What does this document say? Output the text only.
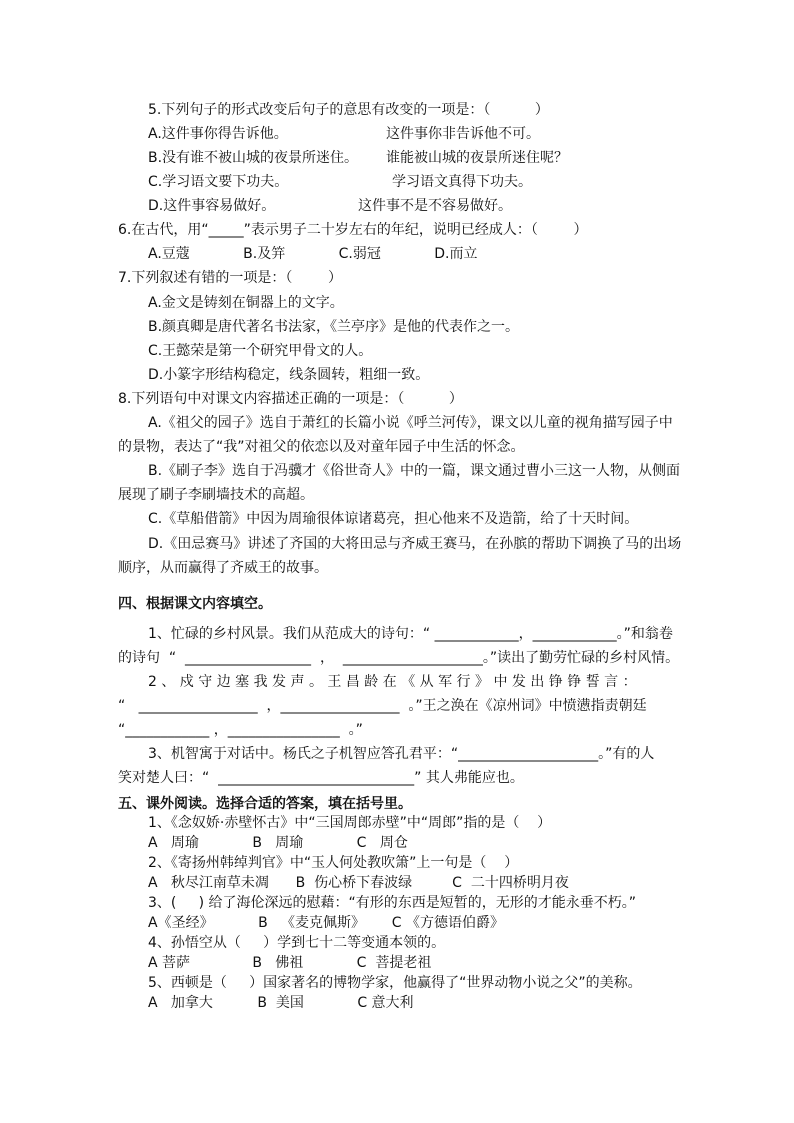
5.下列句子的形式改变后句子的意思有改变的一项是：（          ）
A.这件事你得告诉他。	这件事你非告诉他不可。
B.没有谁不被山城的夜景所迷住。 谁能被山城的夜景所迷住呢？
C.学习语文要下功夫。	学习语文真得下功夫。
D.这件事容易做好。	这件事不是不容易做好。
6.在古代，用“_____”表示男子二十岁左右的年纪，说明已经成人：（        ）
A.豆蔻            B.及笄            C.弱冠            D.而立
7.下列叙述有错的一项是：（        ）
A.金文是铸刻在铜器上的文字。
B.颜真卿是唐代著名书法家，《兰亭序》是他的代表作之一。
C.王懿荣是第一个研究甲骨文的人。
D.小篆字形结构稳定，线条圆转，粗细一致。
8.下列语句中对课文内容描述正确的一项是：（          ）
A.《祖父的园子》选自于萧红的长篇小说《呼兰河传》，课文以儿童的视角描写园子中
的景物，表达了“我”对祖父的依恋以及对童年园子中生活的怀念。
B.《刷子李》选自于冯骥才《俗世奇人》中的一篇，课文通过曹小三这一人物，从侧面
展现了刷子李刷墙技术的高超。
C.《草船借箭》中因为周瑜很体谅诸葛亮，担心他来不及造箭，给了十天时间。
D.《田忌赛马》讲述了齐国的大将田忌与齐威王赛马，在孙膑的帮助下调换了马的出场
顺序，从而赢得了齐威王的故事。
四、根据课文内容填空。
1、忙碌的乡村风景。我们从范成大的诗句：“ ____________，____________。”和翁卷
的诗句  “  __________________  ，  ____________________。”读出了勤劳忙碌的乡村风情。
2 、 戍 守 边 塞 我 发 声 。 王 昌 龄 在 《 从 军 行 》 中 发 出 铮 铮 誓 言 ：
“   _________________  ，_________________  。”王之涣在《凉州词》中愤懑指责朝廷
“____________ ，________________  。”
3、机智寓于对话中。杨氏之子机智应答孔君平：“____________________。”有的人
笑对楚人曰：“  ____________________________” 其人弗能应也。
五、课外阅读。选择合适的答案，填在括号里。
1、《念奴娇·赤壁怀古》中“三国周郎赤壁”中“周郎”指的是（    ）
A   周瑜            B   周瑜            C   周仓
2、《寄扬州韩绰判官》中“玉人何处教吹箫”上一句是（    ）
A   秋尽江南草未凋      B  伤心桥下春波绿         C  二十四桥明月夜
3、(     ) 给了海伦深远的慰藉：“有形的东西是短暂的，无形的才能永垂不朽。”
A《圣经》          B   《麦克佩斯》      C 《方德语伯爵》
4、孙悟空从（     ）学到七十二等变通本领的。
A 菩萨              B   佛祖            C  菩提老祖
5、西顿是（     ）国家著名的博物学家，他赢得了“世界动物小说之父”的美称。
A   加拿大          B  美国            C 意大利
